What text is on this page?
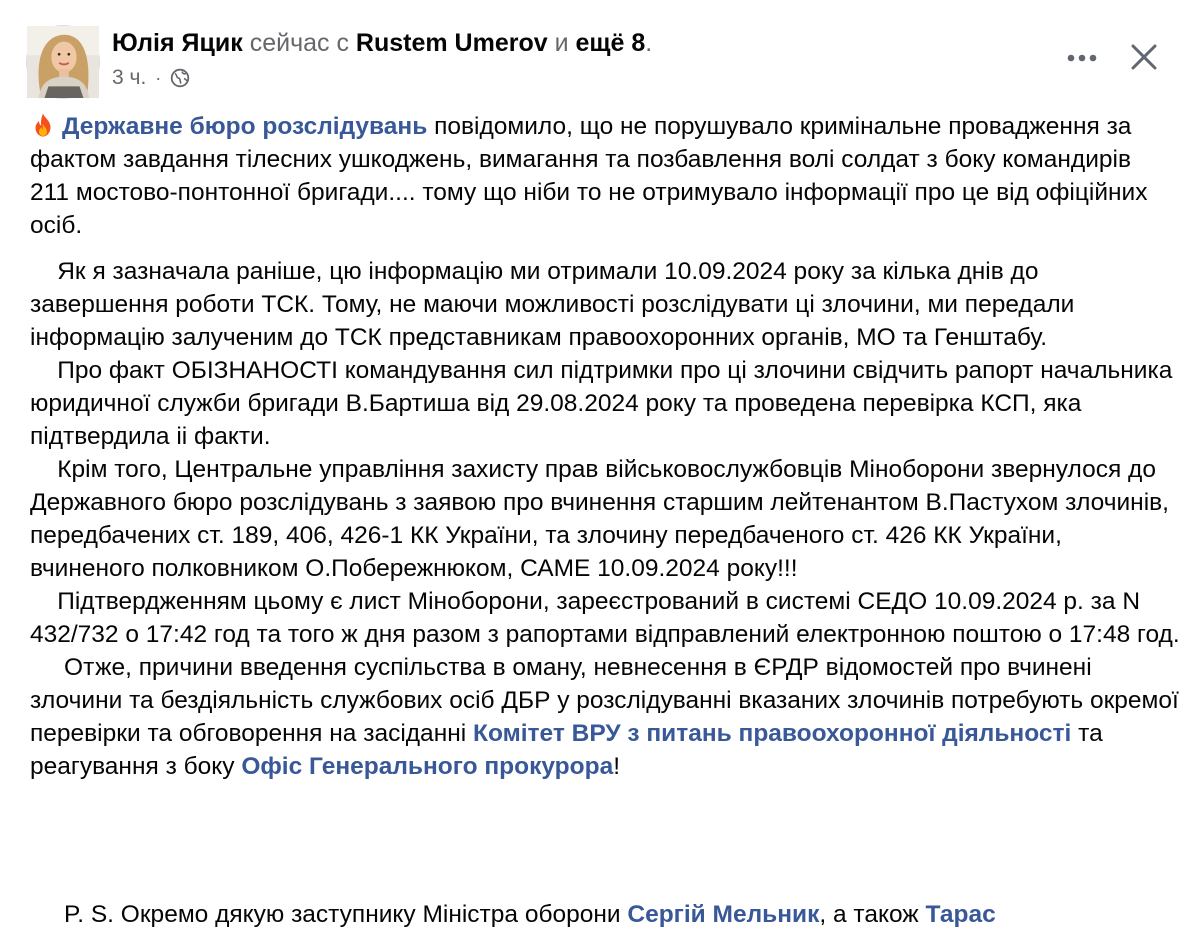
Юлія Яцик сейчас с Rustem Umerov и ещё 8.
3 ч. ·

Державне бюро розслідувань повідомило, що не порушувало кримінальне провадження за фактом завдання тілесних ушкоджень, вимагання та позбавлення волі солдат з боку командирів  211 мостово-понтонної бригади.... тому що ніби то не отримувало інформації про це від офіційних осіб.

Як я зазначала раніше, цю інформацію ми отримали 10.09.2024 року за кілька днів до завершення роботи ТСК. Тому, не маючи можливості розслідувати ці злочини, ми передали інформацію залученим до ТСК представникам правоохоронних органів, МО та Генштабу.

Про факт ОБІЗНАНОСТІ командування сил підтримки про ці злочини свідчить рапорт начальника юридичної служби бригади В.Бартиша від 29.08.2024 року та проведена перевірка КСП, яка підтвердила іі факти.

Крім того, Центральне управління захисту прав військовослужбовців Міноборони звернулося до Державного бюро розслідувань з заявою про вчинення старшим лейтенантом В.Пастухом злочинів, передбачених ст. 189, 406, 426-1 КК України, та злочину передбаченого ст. 426 КК України, вчиненого полковником О.Побережнюком, САМЕ 10.09.2024 року!!!

Підтвердженням цьому є лист Міноборони, зареєстрований в системі СЕДО 10.09.2024 р. за N 432/732 о 17:42 год та того ж дня разом з рапортами відправлений електронною поштою о 17:48 год.

Отже, причини введення суспільства в оману, невнесення в ЄРДР відомостей про вчинені злочини та бездіяльність службових осіб ДБР у розслідуванні вказаних злочинів потребують окремої перевірки та обговорення на засіданні Комітет ВРУ з питань правоохоронної діяльності та реагування з боку Офіс Генерального прокурора!

P. S. Окремо дякую заступнику Міністра оборони Сергій Мельник, а також Тарас
